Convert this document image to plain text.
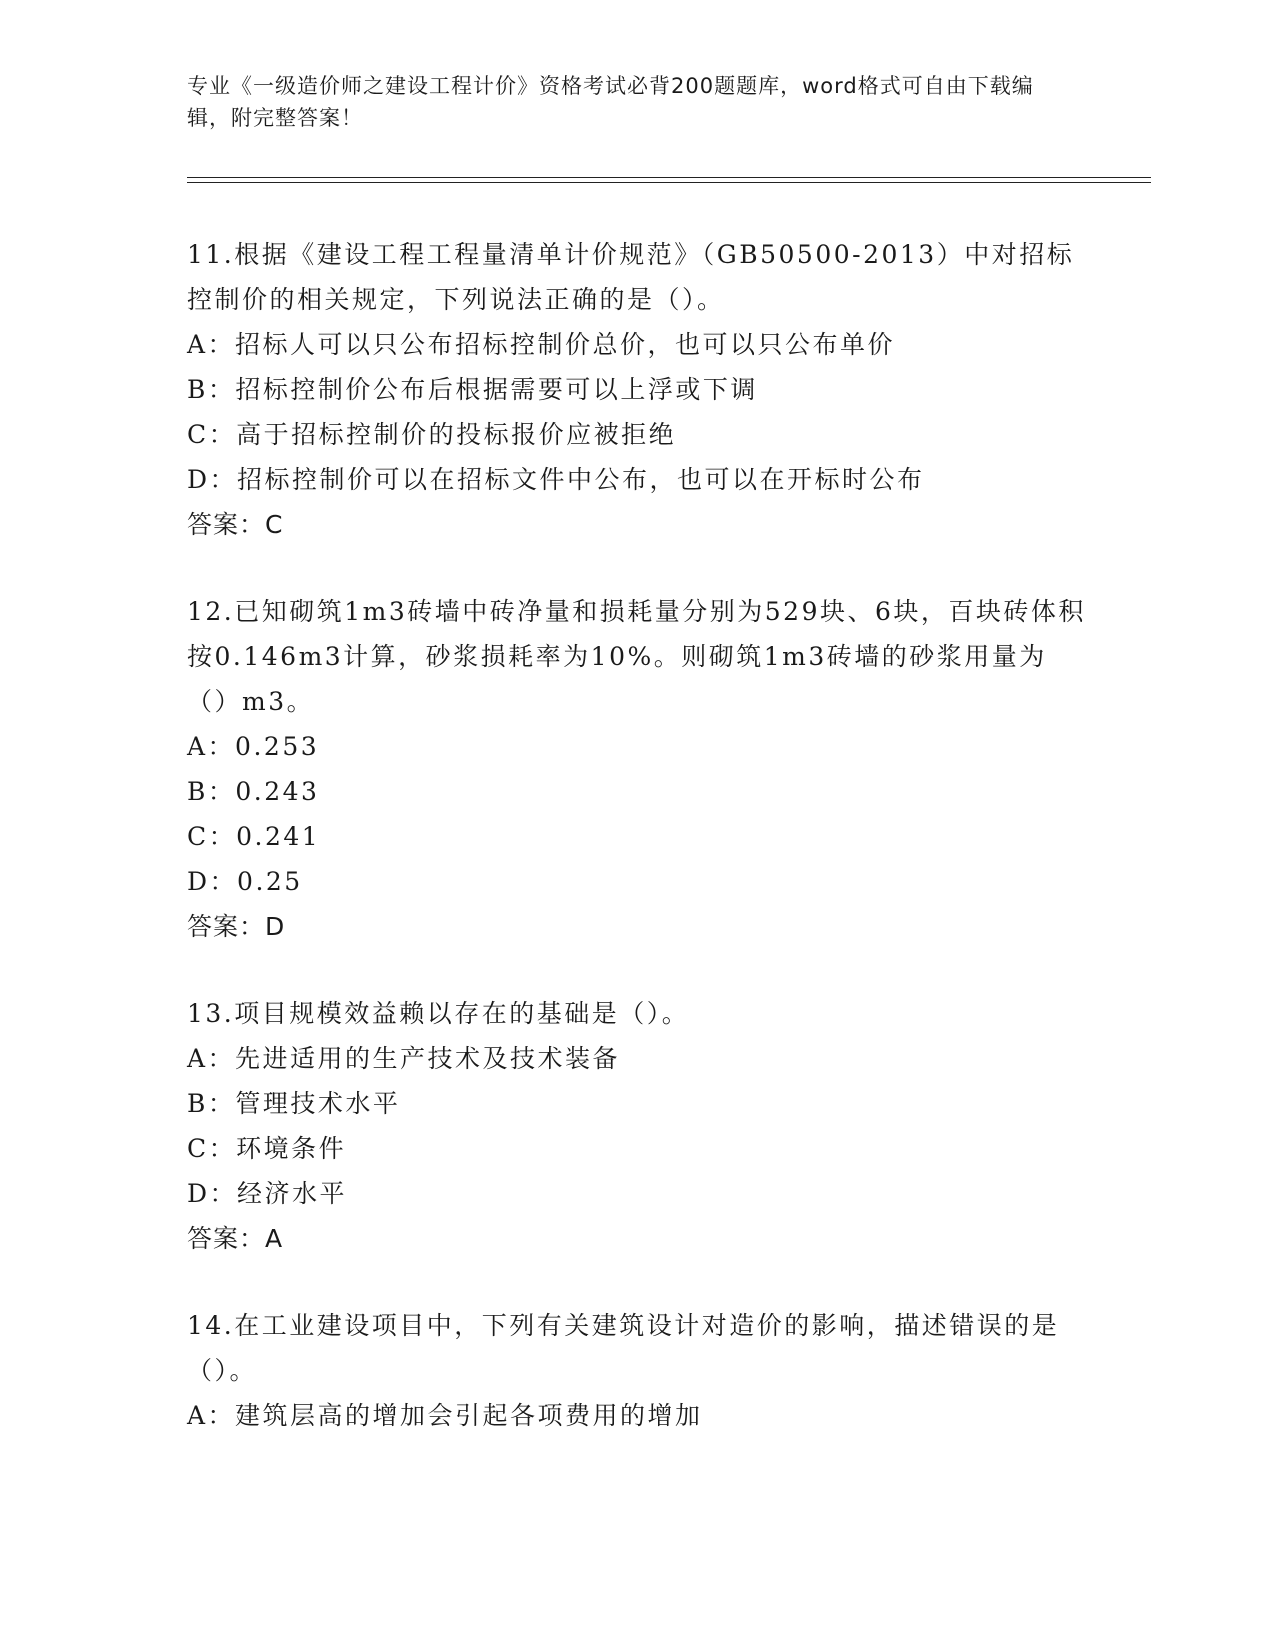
专业《一级造价师之建设工程计价》资格考试必背200题题库，word格式可自由下载编辑，附完整答案！

11.根据《建设工程工程量清单计价规范》（GB50500-2013）中对招标控制价的相关规定，下列说法正确的是（）。

A：招标人可以只公布招标控制价总价，也可以只公布单价

B：招标控制价公布后根据需要可以上浮或下调

C：高于招标控制价的投标报价应被拒绝

D：招标控制价可以在招标文件中公布，也可以在开标时公布

答案：C

12.已知砌筑1m3砖墙中砖净量和损耗量分别为529块、6块，百块砖体积按0.146m3计算，砂浆损耗率为10%。则砌筑1m3砖墙的砂浆用量为（）m3。

A：0.253

B：0.243

C：0.241

D：0.25

答案：D

13.项目规模效益赖以存在的基础是（）。

A：先进适用的生产技术及技术装备

B：管理技术水平

C：环境条件

D：经济水平

答案：A

14.在工业建设项目中，下列有关建筑设计对造价的影响，描述错误的是（）。

A：建筑层高的增加会引起各项费用的增加
